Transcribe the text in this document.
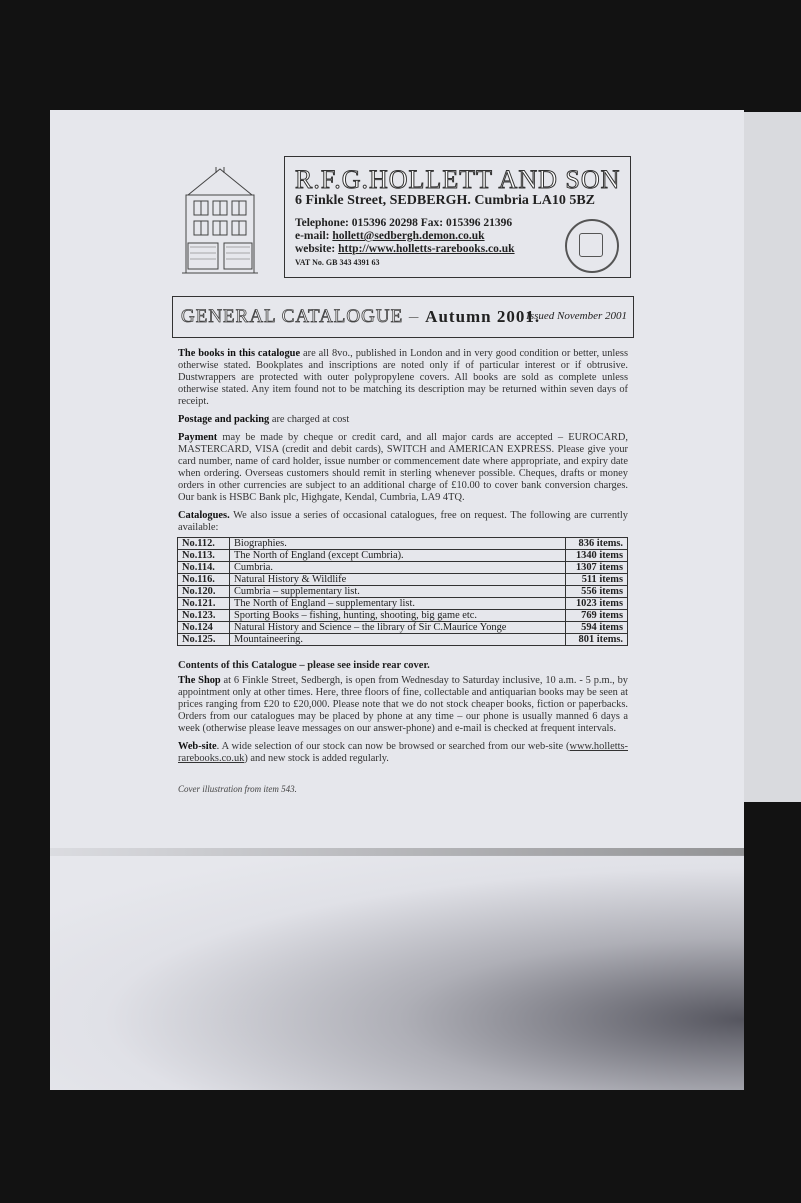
R.F.G.HOLLETT AND SON
6 Finkle Street, SEDBERGH. Cumbria LA10 5BZ
Telephone: 015396 20298 Fax: 015396 21396
e-mail: hollett@sedbergh.demon.co.uk
website: http://www.holletts-rarebooks.co.uk
VAT No. GB 343 4391 63
GENERAL CATALOGUE – Autumn 2001.
Issued November 2001

The books in this catalogue are all 8vo., published in London and in very good condition or better, unless otherwise stated. Bookplates and inscriptions are noted only if of particular interest or if obtrusive. Dustwrappers are protected with outer polypropylene covers. All books are sold as complete unless otherwise stated. Any item found not to be matching its description may be returned within seven days of receipt.

Postage and packing are charged at cost

Payment may be made by cheque or credit card, and all major cards are accepted – EUROCARD, MASTERCARD, VISA (credit and debit cards), SWITCH and AMERICAN EXPRESS. Please give your card number, name of card holder, issue number or commencement date where appropriate, and expiry date when ordering. Overseas customers should remit in sterling whenever possible. Cheques, drafts or money orders in other currencies are subject to an additional charge of £10.00 to cover bank conversion charges. Our bank is HSBC Bank plc, Highgate, Kendal, Cumbria, LA9 4TQ.

Catalogues. We also issue a series of occasional catalogues, free on request. The following are currently available:

No.112.	Biographies.	836 items.
No.113.	The North of England (except Cumbria).	1340 items
No.114.	Cumbria.	1307 items
No.116.	Natural History & Wildlife	511 items
No.120.	Cumbria – supplementary list.	556 items
No.121.	The North of England – supplementary list.	1023 items
No.123.	Sporting Books – fishing, hunting, shooting, big game etc.	769 items
No.124	Natural History and Science – the library of Sir C.Maurice Yonge	594 items
No.125.	Mountaineering.	801 items.
Contents of this Catalogue – please see inside rear cover.

The Shop at 6 Finkle Street, Sedbergh, is open from Wednesday to Saturday inclusive, 10 a.m. - 5 p.m., by appointment only at other times. Here, three floors of fine, collectable and antiquarian books may be seen at prices ranging from £20 to £20,000. Please note that we do not stock cheaper books, fiction or paperbacks. Orders from our catalogues may be placed by phone at any time – our phone is usually manned 6 days a week (otherwise please leave messages on our answer-phone) and e-mail is checked at frequent intervals.

Web-site. A wide selection of our stock can now be browsed or searched from our web-site (www.holletts-rarebooks.co.uk) and new stock is added regularly.

Cover illustration from item 543.
